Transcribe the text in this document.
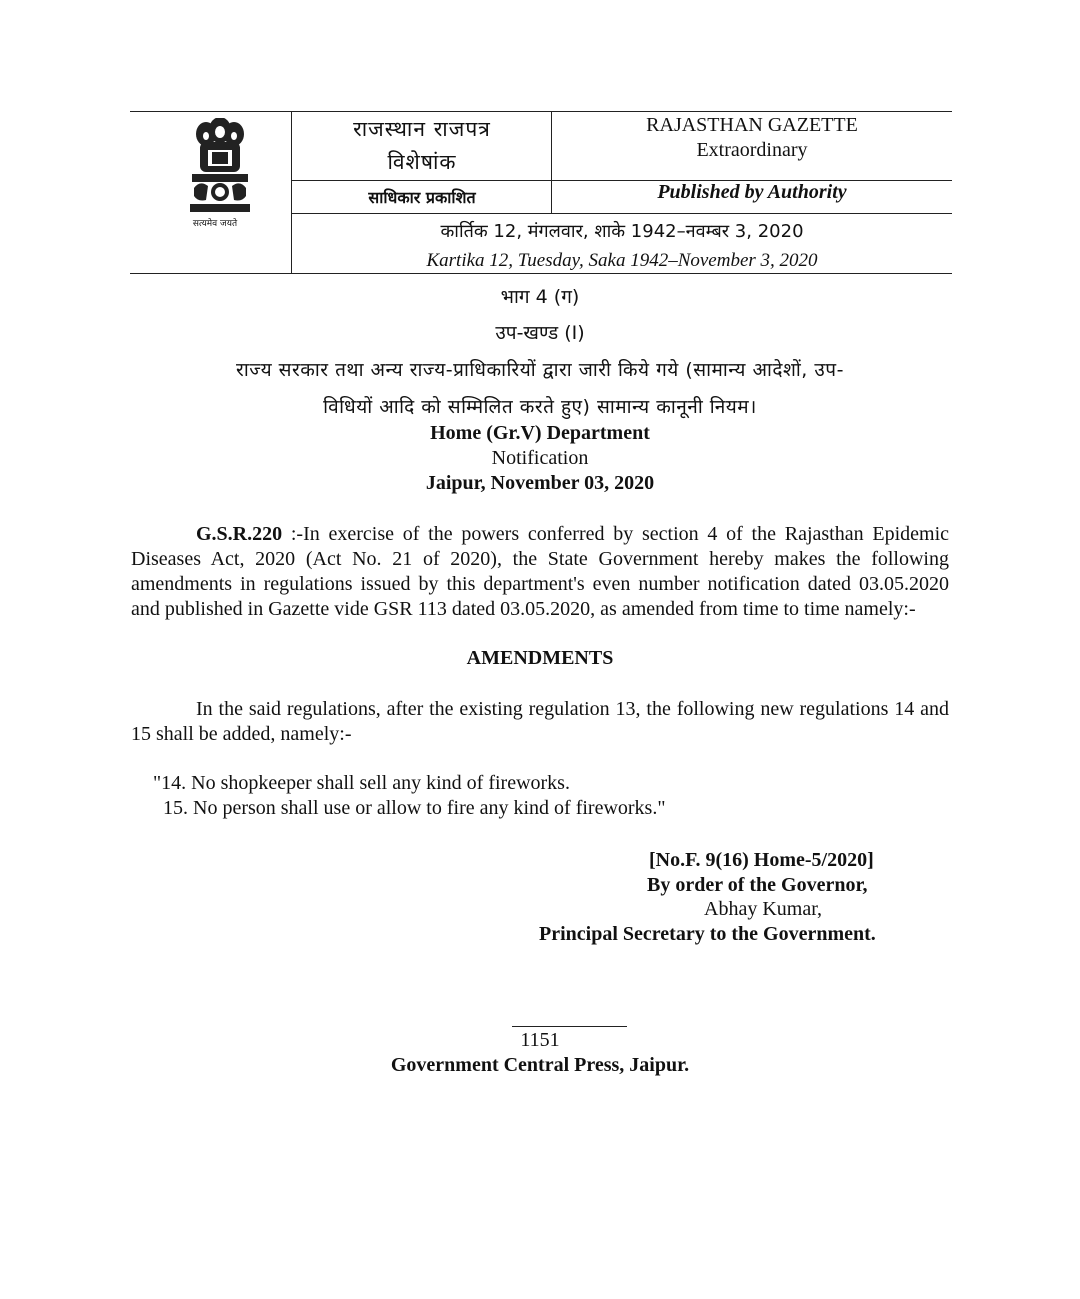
सत्यमेव जयते
राजस्थान राजपत्र
विशेषांक
RAJASTHAN GAZETTE
Extraordinary
साधिकार प्रकाशित	Published by Authority
कार्तिक 12, मंगलवार, शाके 1942–नवम्बर 3, 2020
Kartika 12, Tuesday, Saka 1942–November 3, 2020
भाग 4 (ग)
उप-खण्ड (I)
राज्य सरकार तथा अन्य राज्य-प्राधिकारियों द्वारा जारी किये गये (सामान्य आदेशों, उप-
विधियों आदि को सम्मिलित करते हुए) सामान्य कानूनी नियम।
Home (Gr.V) Department
Notification
Jaipur, November 03, 2020
G.S.R.220 :-In exercise of the powers conferred by section 4 of the Rajasthan Epidemic Diseases Act, 2020 (Act No. 21 of 2020), the State Government hereby makes the following amendments in regulations issued by this department's even number notification dated 03.05.2020 and published in Gazette vide GSR 113 dated 03.05.2020, as amended from time to time namely:-
AMENDMENTS
In the said regulations, after the existing regulation 13, the following new regulations 14 and 15 shall be added, namely:-
"14. No shopkeeper shall sell any kind of fireworks.
15. No person shall use or allow to fire any kind of fireworks."
[No.F. 9(16) Home-5/2020]
By order of the Governor,
Abhay Kumar,
Principal Secretary to the Government.
1151
Government Central Press, Jaipur.
